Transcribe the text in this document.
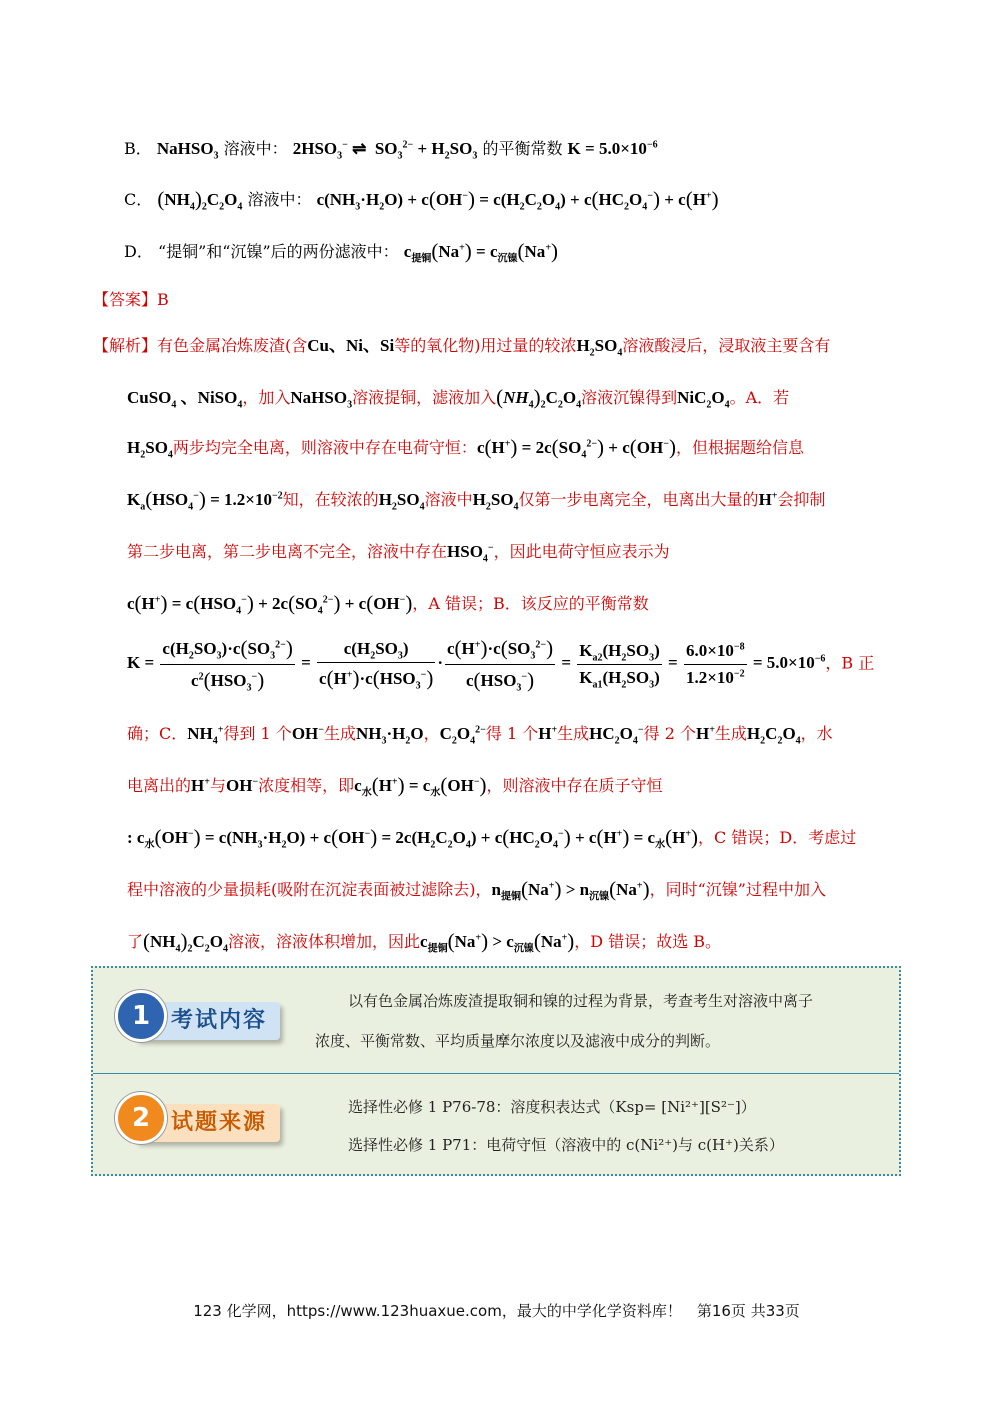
B． NaHSO$_3$ 溶液中： $2HSO_3^-$ ⇌  $SO_3^{2-} + H_2SO_3$ 的平衡常数 $K = 5.0\times 10^{-6}$
C． $(NH_4)_2C_2O_4$ 溶液中： $c(NH_3\cdot H_2O) + c(OH^-) = c(H_2C_2O_4) + c(HC_2O_4^-) + c(H^+)$
D． “提铜”和“沉镍”后的两份滤液中： $c_{提铜}(Na^+) = c_{沉镍}(Na^+)$
【答案】B
【解析】有色金属冶炼废渣(含Cu、Ni、Si等的氧化物)用过量的较浓$H_2SO_4$溶液酸浸后，浸取液主要含有
CuSO$_4$ 、NiSO$_4$，加入NaHSO$_3$溶液提铜，滤液加入$(NH_4)_2C_2O_4$溶液沉镍得到$NiC_2O_4$。A．若
$H_2SO_4$两步均完全电离，则溶液中存在电荷守恒：$c(H^+) = 2c(SO_4^{2-}) + c(OH^-)$，但根据题给信息
$K_a(HSO_4^-) = 1.2\times 10^{-2}$知，在较浓的$H_2SO_4$溶液中$H_2SO_4$仅第一步电离完全，电离出大量的H+会抑制
第二步电离，第二步电离不完全，溶液中存在$HSO_4^-$，因此电荷守恒应表示为
$c(H^+) = c(HSO_4^-) + 2c(SO_4^{2-}) + c(OH^-)$，A 错误；B．该反应的平衡常数
$K = \frac{c(H_2SO_3)\cdot c(SO_3^{2-})}{c^2(HSO_3^-)} = \frac{c(H_2SO_3)}{c(H^+)\cdot c(HSO_3^-)} \cdot \frac{c(H^+)\cdot c(SO_3^{2-})}{c(HSO_3^-)} = \frac{K_{a2}(H_2SO_3)}{K_{a1}(H_2SO_3)} = \frac{6.0\times 10^{-8}}{1.2\times 10^{-2}} = 5.0\times 10^{-6}$，B 正
确；C．$NH_4^+$得到 1 个OH−生成$NH_3\cdot H_2O$，$C_2O_4^{2-}$得 1 个H+生成$HC_2O_4^-$得 2 个H+生成$H_2C_2O_4$，水
电离出的H+与OH−浓度相等，即$c_水(H^+) = c_水(OH^-)$，则溶液中存在质子守恒
: $c_水(OH^-) = c(NH_3\cdot H_2O) + c(OH^-) = 2c(H_2C_2O_4) + c(HC_2O_4^-) + c(H^+) = c_水(H^+)$，C 错误；D．考虑过
程中溶液的少量损耗(吸附在沉淀表面被过滤除去)，$n_{提铜}(Na^+) > n_{沉镍}(Na^+)$，同时“沉镍”过程中加入
了$(NH_4)_2C_2O_4$溶液，溶液体积增加，因此$c_{提铜}(Na^+) > c_{沉镍}(Na^+)$，D 错误；故选 B。
考试内容
1	以有色金属冶炼废渣提取铜和镍的过程为背景，考查考生对溶液中离子
浓度、平衡常数、平均质量摩尔浓度以及滤液中成分的判断。
试题来源
2	选择性必修 1 P76-78：溶度积表达式（Ksp= [Ni²⁺][S²⁻]）
选择性必修 1 P71：电荷守恒（溶液中的 c(Ni²⁺)与 c(H⁺)关系）
123 化学网，https://www.123huaxue.com，最大的中学化学资料库！　第16页 共33页
